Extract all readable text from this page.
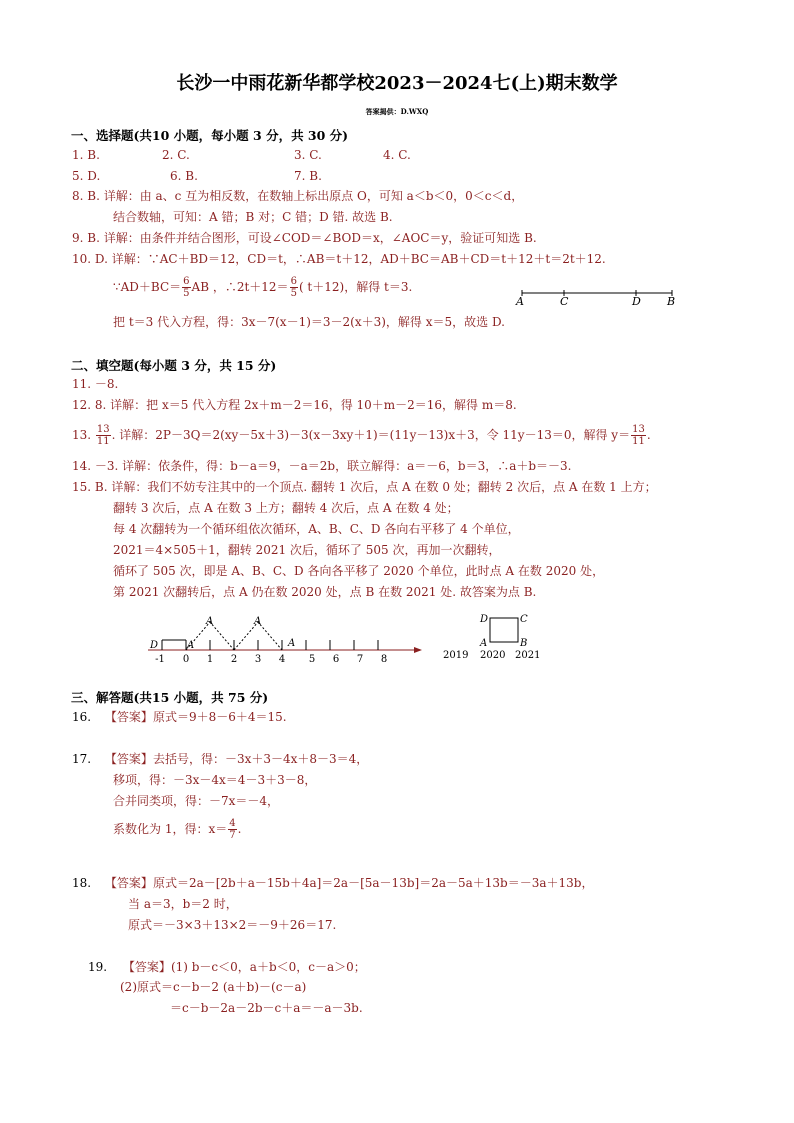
长沙一中雨花新华都学校2023－2024七(上)期末数学
答案揭供：D.WXQ
一、选择题(共10 小题，每小题 3 分，共 30 分)
1. B.	2. C.	3. C.	4. C.
5. D.	6. B.	7. B.
8. B. 详解：由 a、c 互为相反数，在数轴上标出原点 O，可知 a＜b＜0，0＜c＜d，
结合数轴，可知：A 错；B 对；C 错；D 错. 故选 B.
9. B. 详解：由条件并结合图形，可设∠COD＝∠BOD＝x，∠AOC＝y，验证可知选 B.
10. D. 详解：∵AC＋BD＝12，CD＝t，∴AB＝t＋12，AD＋BC＝AB＋CD＝t＋12＋t＝2t＋12.
∵AD＋BC＝ $\frac{6}{5}$ AB ，∴2t＋12＝ $\frac{6}{5}$ ( t＋12)，解得 t＝3.
A	C	D B
把 t＝3 代入方程，得：3x－7(x－1)＝3－2(x＋3)，解得 x＝5，故选 D.
二、填空题(每小题 3 分，共 15 分)
11. －8.
12. 8. 详解：把 x＝5 代入方程 2x＋m－2＝16，得 10＋m－2＝16，解得 m＝8.
13. $\frac{13}{11}$ . 详解：2P－3Q＝2(xy－5x＋3)－3(x－3xy＋1)＝(11y－13)x＋3，令 11y－13＝0，解得 $y= \frac{13}{11}$ .
14. －3. 详解：依条件，得：b－a＝9，－a＝2b，联立解得：a＝－6，b＝3，∴a＋b＝－3.
15. B. 详解：我们不妨专注其中的一个顶点. 翻转 1 次后，点 A 在数 0 处；翻转 2 次后，点 A 在数 1 上方；
翻转 3 次后，点 A 在数 3 上方；翻转 4 次后，点 A 在数 4 处；
每 4 次翻转为一个循环组依次循环，A、B、C、D 各向右平移了 4 个单位，
2021＝4×505＋1，翻转 2021 次后，循环了 505 次，再加一次翻转，
循环了 505 次，即是 A、B、C、D 各向各平移了 2020 个单位，此时点 A 在数 2020 处，
第 2021 次翻转后，点 A 仍在数 2020 处，点 B 在数 2021 处. 故答案为点 B.
D	A
A	A
A
-1 0 1 2 3 4 5 6 7 8
D	C
A	B
2019 2020 2021
三、解答题(共15 小题，共 75 分)
16. 【答案】原式＝9＋8－6＋4＝15.
17. 【答案】去括号，得：－3x＋3－4x＋8－3＝4，
移项，得：－3x－4x＝4－3＋3－8，
合并同类项，得：－7x＝－4，
系数化为 1，得：$x= \frac{4}{7}$ .
18. 【答案】原式＝2a－[2b＋a－15b＋4a]＝2a－[5a－13b]＝2a－5a＋13b＝－3a＋13b，
当 a＝3，b＝2 时，
原式＝－3×3＋13×2＝－9＋26＝17.
19. 【答案】(1) b－c＜0，a＋b＜0，c－a＞0；
(2)原式＝c－b－2 (a＋b)－(c－a)
＝c－b－2a－2b－c＋a＝－a－3b.
